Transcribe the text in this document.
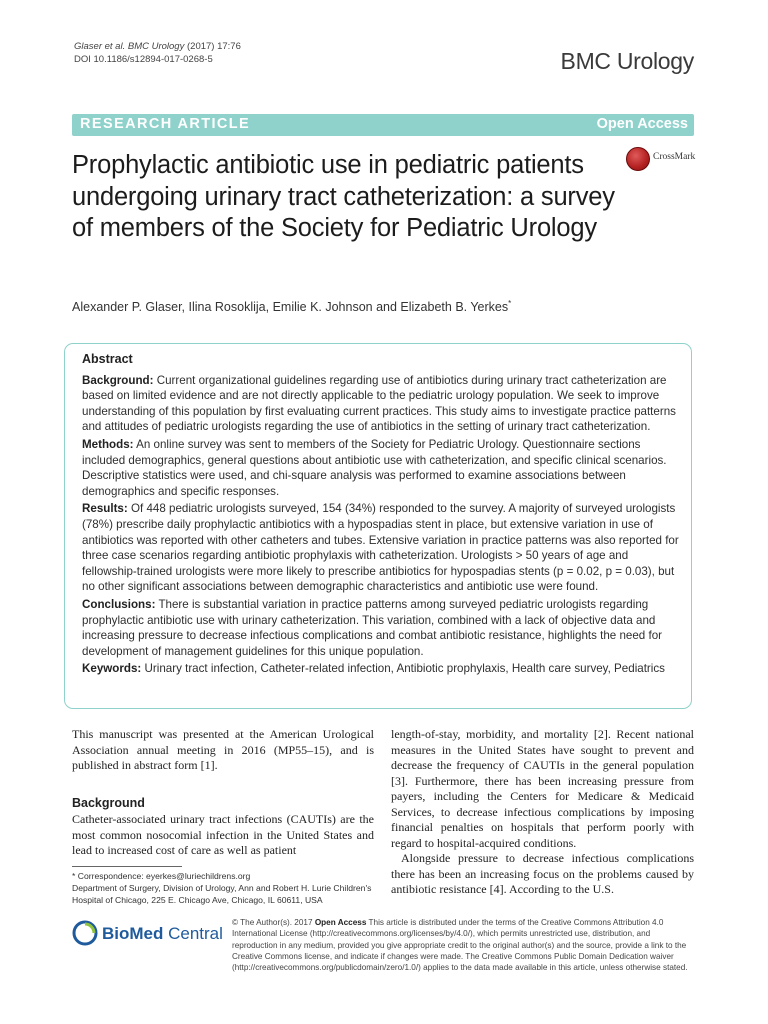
Glaser et al. BMC Urology (2017) 17:76
DOI 10.1186/s12894-017-0268-5	BMC Urology
RESEARCH ARTICLE	Open Access
CrossMark
Prophylactic antibiotic use in pediatric patients undergoing urinary tract catheterization: a survey of members of the Society for Pediatric Urology
Alexander P. Glaser, Ilina Rosoklija, Emilie K. Johnson and Elizabeth B. Yerkes*
Abstract

Background: Current organizational guidelines regarding use of antibiotics during urinary tract catheterization are based on limited evidence and are not directly applicable to the pediatric urology population. We seek to improve understanding of this population by first evaluating current practices. This study aims to investigate practice patterns and attitudes of pediatric urologists regarding the use of antibiotics in the setting of urinary tract catheterization.

Methods: An online survey was sent to members of the Society for Pediatric Urology. Questionnaire sections included demographics, general questions about antibiotic use with catheterization, and specific clinical scenarios. Descriptive statistics were used, and chi-square analysis was performed to examine associations between demographics and specific responses.

Results: Of 448 pediatric urologists surveyed, 154 (34%) responded to the survey. A majority of surveyed urologists (78%) prescribe daily prophylactic antibiotics with a hypospadias stent in place, but extensive variation in use of antibiotics was reported with other catheters and tubes. Extensive variation in practice patterns was also reported for three case scenarios regarding antibiotic prophylaxis with catheterization. Urologists > 50 years of age and fellowship-trained urologists were more likely to prescribe antibiotics for hypospadias stents (p = 0.02, p = 0.03), but no other significant associations between demographic characteristics and antibiotic use were found.

Conclusions: There is substantial variation in practice patterns among surveyed pediatric urologists regarding prophylactic antibiotic use with urinary catheterization. This variation, combined with a lack of objective data and increasing pressure to decrease infectious complications and combat antibiotic resistance, highlights the need for development of management guidelines for this unique population.

Keywords: Urinary tract infection, Catheter-related infection, Antibiotic prophylaxis, Health care survey, Pediatrics

This manuscript was presented at the American Urological Association annual meeting in 2016 (MP55–15), and is published in abstract form [1].

Background

Catheter-associated urinary tract infections (CAUTIs) are the most common nosocomial infection in the United States and lead to increased cost of care as well as patient

length-of-stay, morbidity, and mortality [2]. Recent national measures in the United States have sought to prevent and decrease the frequency of CAUTIs in the general population [3]. Furthermore, there has been increasing pressure from payers, including the Centers for Medicare & Medicaid Services, to decrease infectious complications by imposing financial penalties on hospitals that perform poorly with regard to hospital-acquired conditions.

Alongside pressure to decrease infectious complications there has been an increasing focus on the problems caused by antibiotic resistance [4]. According to the U.S.

* Correspondence: eyerkes@luriechildrens.org

Department of Surgery, Division of Urology, Ann and Robert H. Lurie Children's Hospital of Chicago, 225 E. Chicago Ave, Chicago, IL 60611, USA

BioMed Central
© The Author(s). 2017 Open Access This article is distributed under the terms of the Creative Commons Attribution 4.0 International License (http://creativecommons.org/licenses/by/4.0/), which permits unrestricted use, distribution, and reproduction in any medium, provided you give appropriate credit to the original author(s) and the source, provide a link to the Creative Commons license, and indicate if changes were made. The Creative Commons Public Domain Dedication waiver (http://creativecommons.org/publicdomain/zero/1.0/) applies to the data made available in this article, unless otherwise stated.
